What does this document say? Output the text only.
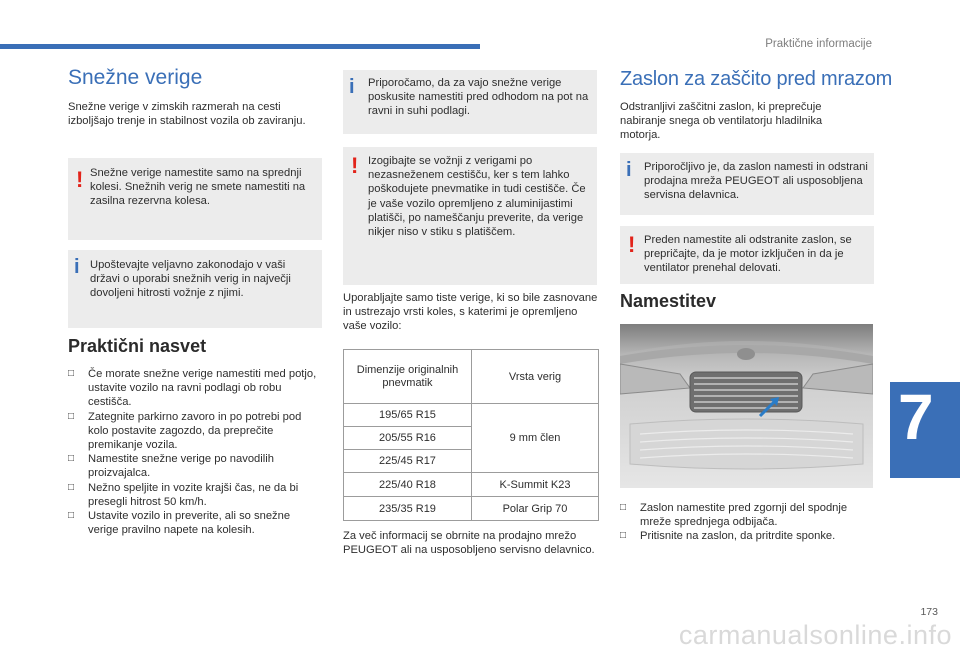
Praktične informacije
Snežne verige

Snežne verige v zimskih razmerah na cesti izboljšajo trenje in stabilnost vozila ob zaviranju.

! Snežne verige namestite samo na sprednji kolesi. Snežnih verig ne smete namestiti na zasilna rezervna kolesa.
i Upoštevajte veljavno zakonodajo v vaši državi o uporabi snežnih verig in največji dovoljeni hitrosti vožnje z njimi.
Praktični nasvet
□ Če morate snežne verige namestiti med potjo, ustavite vozilo na ravni podlagi ob robu cestišča.
□ Zategnite parkirno zavoro in po potrebi pod kolo postavite zagozdo, da preprečite premikanje vozila.
□ Namestite snežne verige po navodilih proizvajalca.
□ Nežno speljite in vozite krajši čas, ne da bi presegli hitrost 50 km/h.
□ Ustavite vozilo in preverite, ali so snežne verige pravilno napete na kolesih.
i Priporočamo, da za vajo snežne verige poskusite namestiti pred odhodom na pot na ravni in suhi podlagi.
! Izogibajte se vožnji z verigami po nezasneženem cestišču, ker s tem lahko poškodujete pnevmatike in tudi cestišče. Če je vaše vozilo opremljeno z aluminijastimi platišči, po nameščanju preverite, da verige nikjer niso v stiku s platiščem.

Uporabljajte samo tiste verige, ki so bile zasnovane in ustrezajo vrsti koles, s katerimi je opremljeno vaše vozilo:

Dimenzije originalnih pnevmatik	Vrsta verig
195/65 R15	9 mm člen
205/55 R16	
225/45 R17	
225/40 R18	K-Summit K23
235/35 R19	Polar Grip 70

Za več informacij se obrnite na prodajno mrežo PEUGEOT ali na usposobljeno servisno delavnico.

Zaslon za zaščito pred mrazom

Odstranljivi zaščitni zaslon, ki preprečuje nabiranje snega ob ventilatorju hladilnika motorja.

i Priporočljivo je, da zaslon namesti in odstrani prodajna mreža PEUGEOT ali usposobljena servisna delavnica.
! Preden namestite ali odstranite zaslon, se prepričajte, da je motor izključen in da je ventilator prenehal delovati.
Namestitev
□ Zaslon namestite pred zgornji del spodnje mreže sprednjega odbijača.
□ Pritisnite na zaslon, da pritrdite sponke.
7
173
carmanualsonline.info
